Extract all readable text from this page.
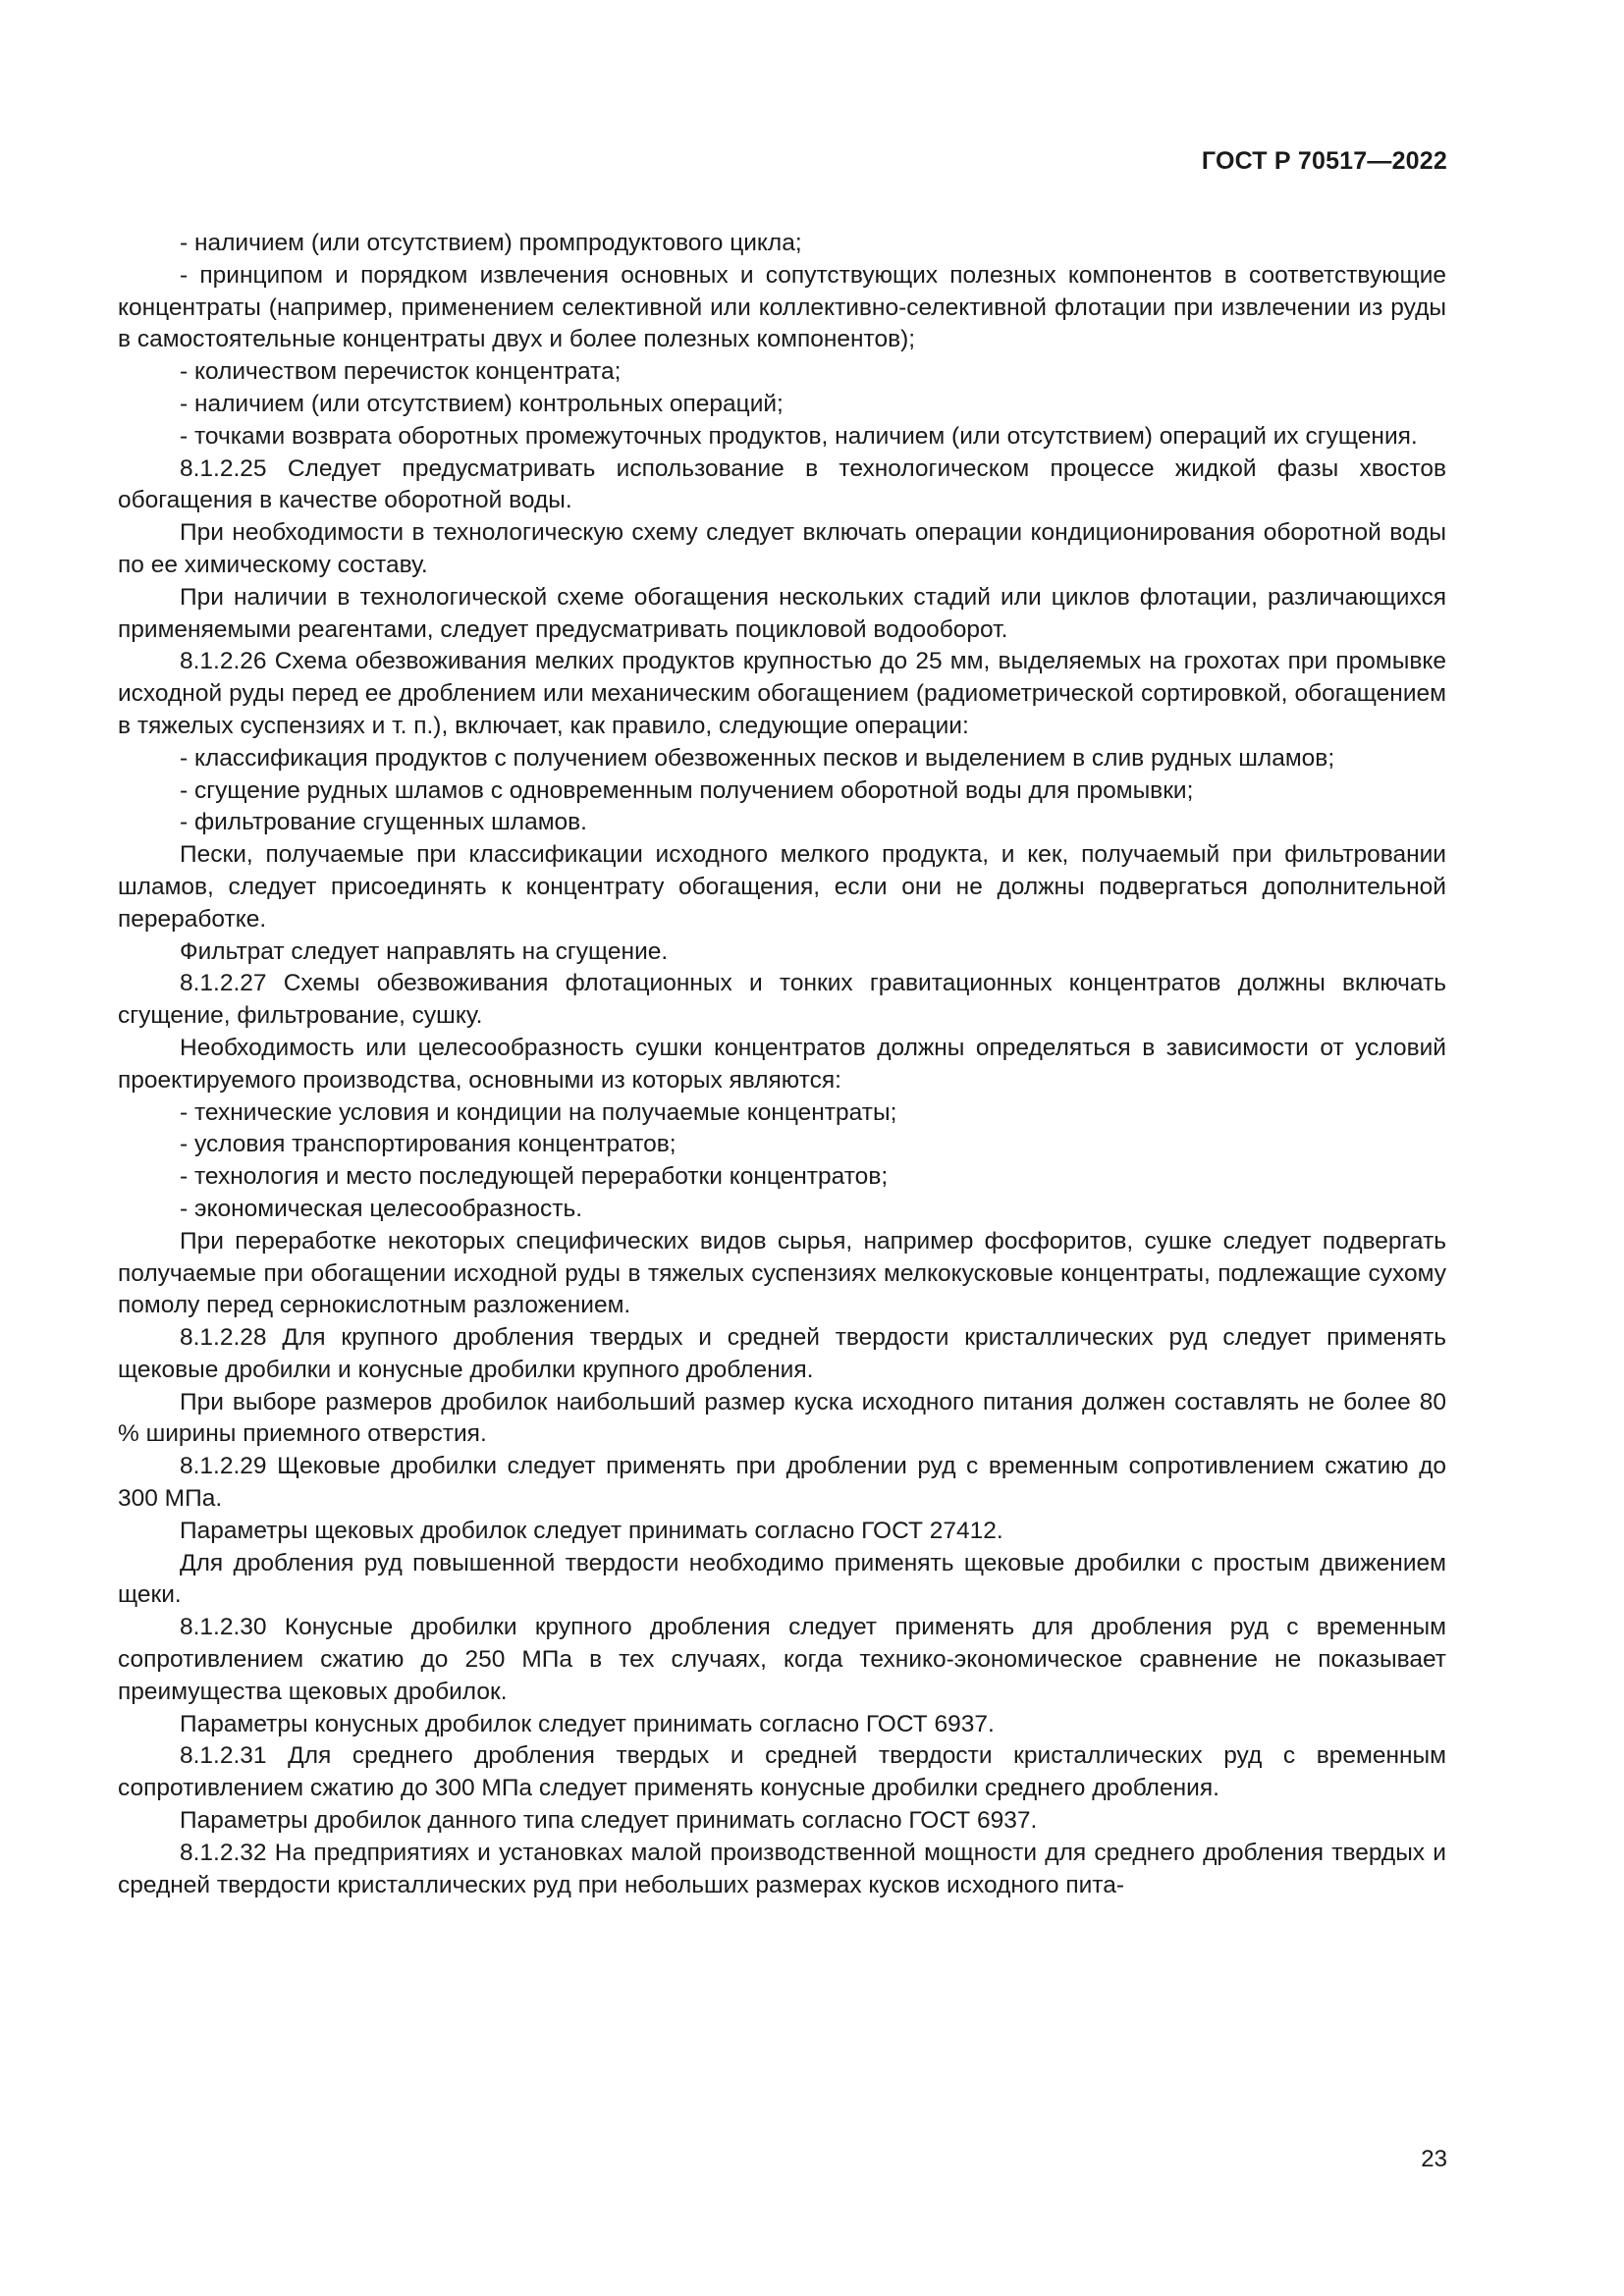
ГОСТ Р 70517—2022

- наличием (или отсутствием) промпродуктового цикла;

- принципом и порядком извлечения основных и сопутствующих полезных компонентов в соответствующие концентраты (например, применением селективной или коллективно-селективной флотации при извлечении из руды в самостоятельные концентраты двух и более полезных компонентов);

- количеством перечисток концентрата;

- наличием (или отсутствием) контрольных операций;

- точками возврата оборотных промежуточных продуктов, наличием (или отсутствием) операций их сгущения.

8.1.2.25 Следует предусматривать использование в технологическом процессе жидкой фазы хвостов обогащения в качестве оборотной воды.

При необходимости в технологическую схему следует включать операции кондиционирования оборотной воды по ее химическому составу.

При наличии в технологической схеме обогащения нескольких стадий или циклов флотации, различающихся применяемыми реагентами, следует предусматривать поцикловой водооборот.

8.1.2.26 Схема обезвоживания мелких продуктов крупностью до 25 мм, выделяемых на грохотах при промывке исходной руды перед ее дроблением или механическим обогащением (радиометрической сортировкой, обогащением в тяжелых суспензиях и т. п.), включает, как правило, следующие операции:

- классификация продуктов с получением обезвоженных песков и выделением в слив рудных шламов;

- сгущение рудных шламов с одновременным получением оборотной воды для промывки;

- фильтрование сгущенных шламов.

Пески, получаемые при классификации исходного мелкого продукта, и кек, получаемый при фильтровании шламов, следует присоединять к концентрату обогащения, если они не должны подвергаться дополнительной переработке.

Фильтрат следует направлять на сгущение.

8.1.2.27 Схемы обезвоживания флотационных и тонких гравитационных концентратов должны включать сгущение, фильтрование, сушку.

Необходимость или целесообразность сушки концентратов должны определяться в зависимости от условий проектируемого производства, основными из которых являются:

- технические условия и кондиции на получаемые концентраты;

- условия транспортирования концентратов;

- технология и место последующей переработки концентратов;

- экономическая целесообразность.

При переработке некоторых специфических видов сырья, например фосфоритов, сушке следует подвергать получаемые при обогащении исходной руды в тяжелых суспензиях мелкокусковые концентраты, подлежащие сухому помолу перед сернокислотным разложением.

8.1.2.28 Для крупного дробления твердых и средней твердости кристаллических руд следует применять щековые дробилки и конусные дробилки крупного дробления.

При выборе размеров дробилок наибольший размер куска исходного питания должен составлять не более 80 % ширины приемного отверстия.

8.1.2.29 Щековые дробилки следует применять при дроблении руд с временным сопротивлением сжатию до 300 МПа.

Параметры щековых дробилок следует принимать согласно ГОСТ 27412.

Для дробления руд повышенной твердости необходимо применять щековые дробилки с простым движением щеки.

8.1.2.30 Конусные дробилки крупного дробления следует применять для дробления руд с временным сопротивлением сжатию до 250 МПа в тех случаях, когда технико-экономическое сравнение не показывает преимущества щековых дробилок.

Параметры конусных дробилок следует принимать согласно ГОСТ 6937.

8.1.2.31 Для среднего дробления твердых и средней твердости кристаллических руд с временным сопротивлением сжатию до 300 МПа следует применять конусные дробилки среднего дробления.

Параметры дробилок данного типа следует принимать согласно ГОСТ 6937.

8.1.2.32 На предприятиях и установках малой производственной мощности для среднего дробления твердых и средней твердости кристаллических руд при небольших размерах кусков исходного пита-

23
